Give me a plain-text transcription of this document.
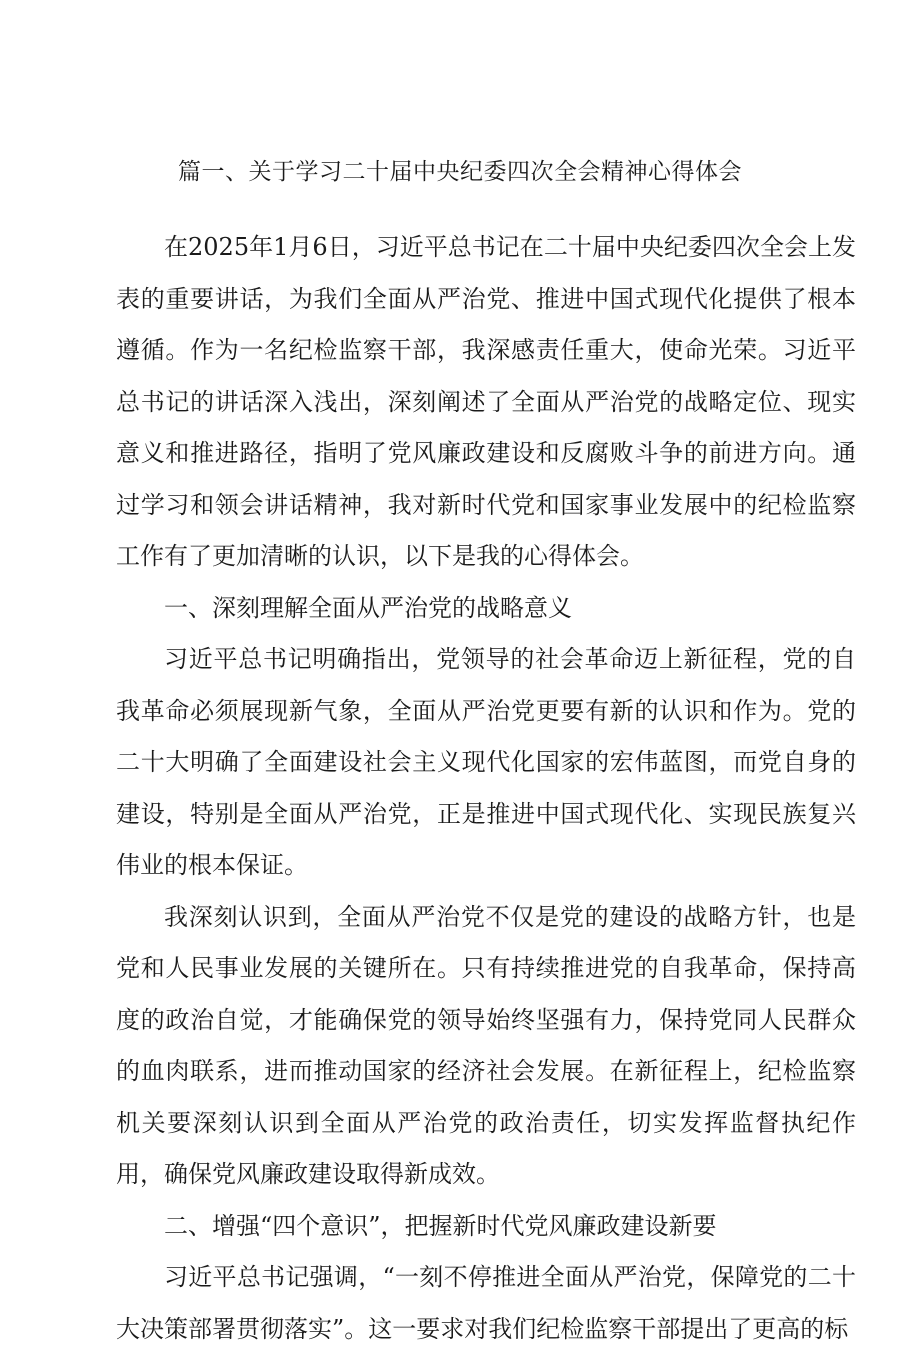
篇一、关于学习二十届中央纪委四次全会精神心得体会

在2025年1月6日，习近平总书记在二十届中央纪委四次全会上发表的重要讲话，为我们全面从严治党、推进中国式现代化提供了根本遵循。作为一名纪检监察干部，我深感责任重大，使命光荣。习近平总书记的讲话深入浅出，深刻阐述了全面从严治党的战略定位、现实意义和推进路径，指明了党风廉政建设和反腐败斗争的前进方向。通过学习和领会讲话精神，我对新时代党和国家事业发展中的纪检监察工作有了更加清晰的认识，以下是我的心得体会。

一、深刻理解全面从严治党的战略意义

习近平总书记明确指出，党领导的社会革命迈上新征程，党的自我革命必须展现新气象，全面从严治党更要有新的认识和作为。党的二十大明确了全面建设社会主义现代化国家的宏伟蓝图，而党自身的建设，特别是全面从严治党，正是推进中国式现代化、实现民族复兴伟业的根本保证。

我深刻认识到，全面从严治党不仅是党的建设的战略方针，也是党和人民事业发展的关键所在。只有持续推进党的自我革命，保持高度的政治自觉，才能确保党的领导始终坚强有力，保持党同人民群众的血肉联系，进而推动国家的经济社会发展。在新征程上，纪检监察机关要深刻认识到全面从严治党的政治责任，切实发挥监督执纪作用，确保党风廉政建设取得新成效。

二、增强“四个意识”，把握新时代党风廉政建设新要

习近平总书记强调，“一刻不停推进全面从严治党，保障党的二十大决策部署贯彻落实”。这一要求对我们纪检监察干部提出了更高的标
